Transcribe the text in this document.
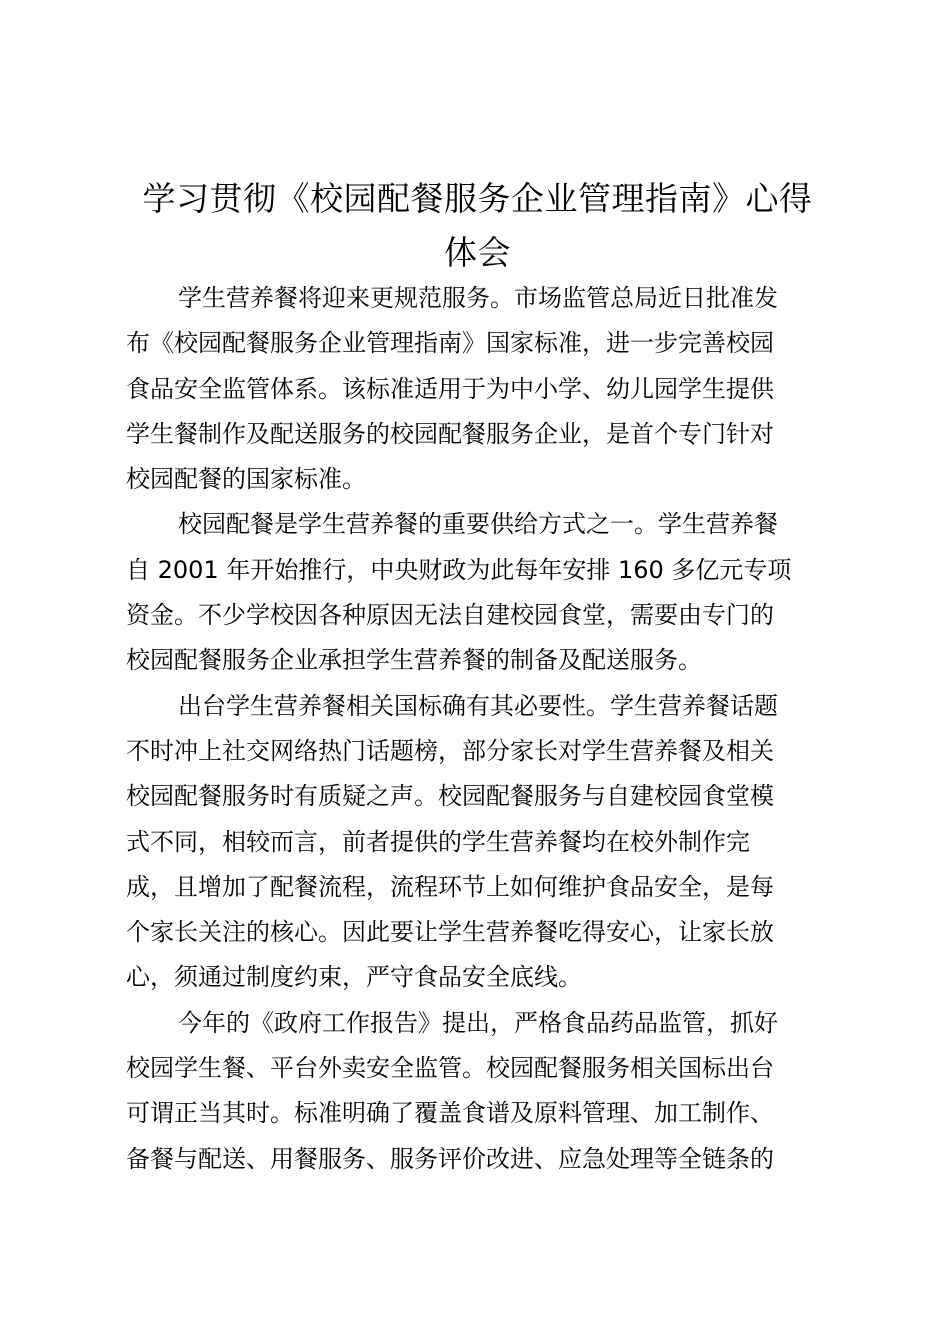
学习贯彻《校园配餐服务企业管理指南》心得
体会
学生营养餐将迎来更规范服务。市场监管总局近日批准发
布《校园配餐服务企业管理指南》国家标准，进一步完善校园
食品安全监管体系。该标准适用于为中小学、幼儿园学生提供
学生餐制作及配送服务的校园配餐服务企业，是首个专门针对
校园配餐的国家标准。
校园配餐是学生营养餐的重要供给方式之一。学生营养餐
自 2001 年开始推行，中央财政为此每年安排 160 多亿元专项
资金。不少学校因各种原因无法自建校园食堂，需要由专门的
校园配餐服务企业承担学生营养餐的制备及配送服务。
出台学生营养餐相关国标确有其必要性。学生营养餐话题
不时冲上社交网络热门话题榜，部分家长对学生营养餐及相关
校园配餐服务时有质疑之声。校园配餐服务与自建校园食堂模
式不同，相较而言，前者提供的学生营养餐均在校外制作完
成，且增加了配餐流程，流程环节上如何维护食品安全，是每
个家长关注的核心。因此要让学生营养餐吃得安心，让家长放
心，须通过制度约束，严守食品安全底线。
今年的《政府工作报告》提出，严格食品药品监管，抓好
校园学生餐、平台外卖安全监管。校园配餐服务相关国标出台
可谓正当其时。标准明确了覆盖食谱及原料管理、加工制作、
备餐与配送、用餐服务、服务评价改进、应急处理等全链条的
